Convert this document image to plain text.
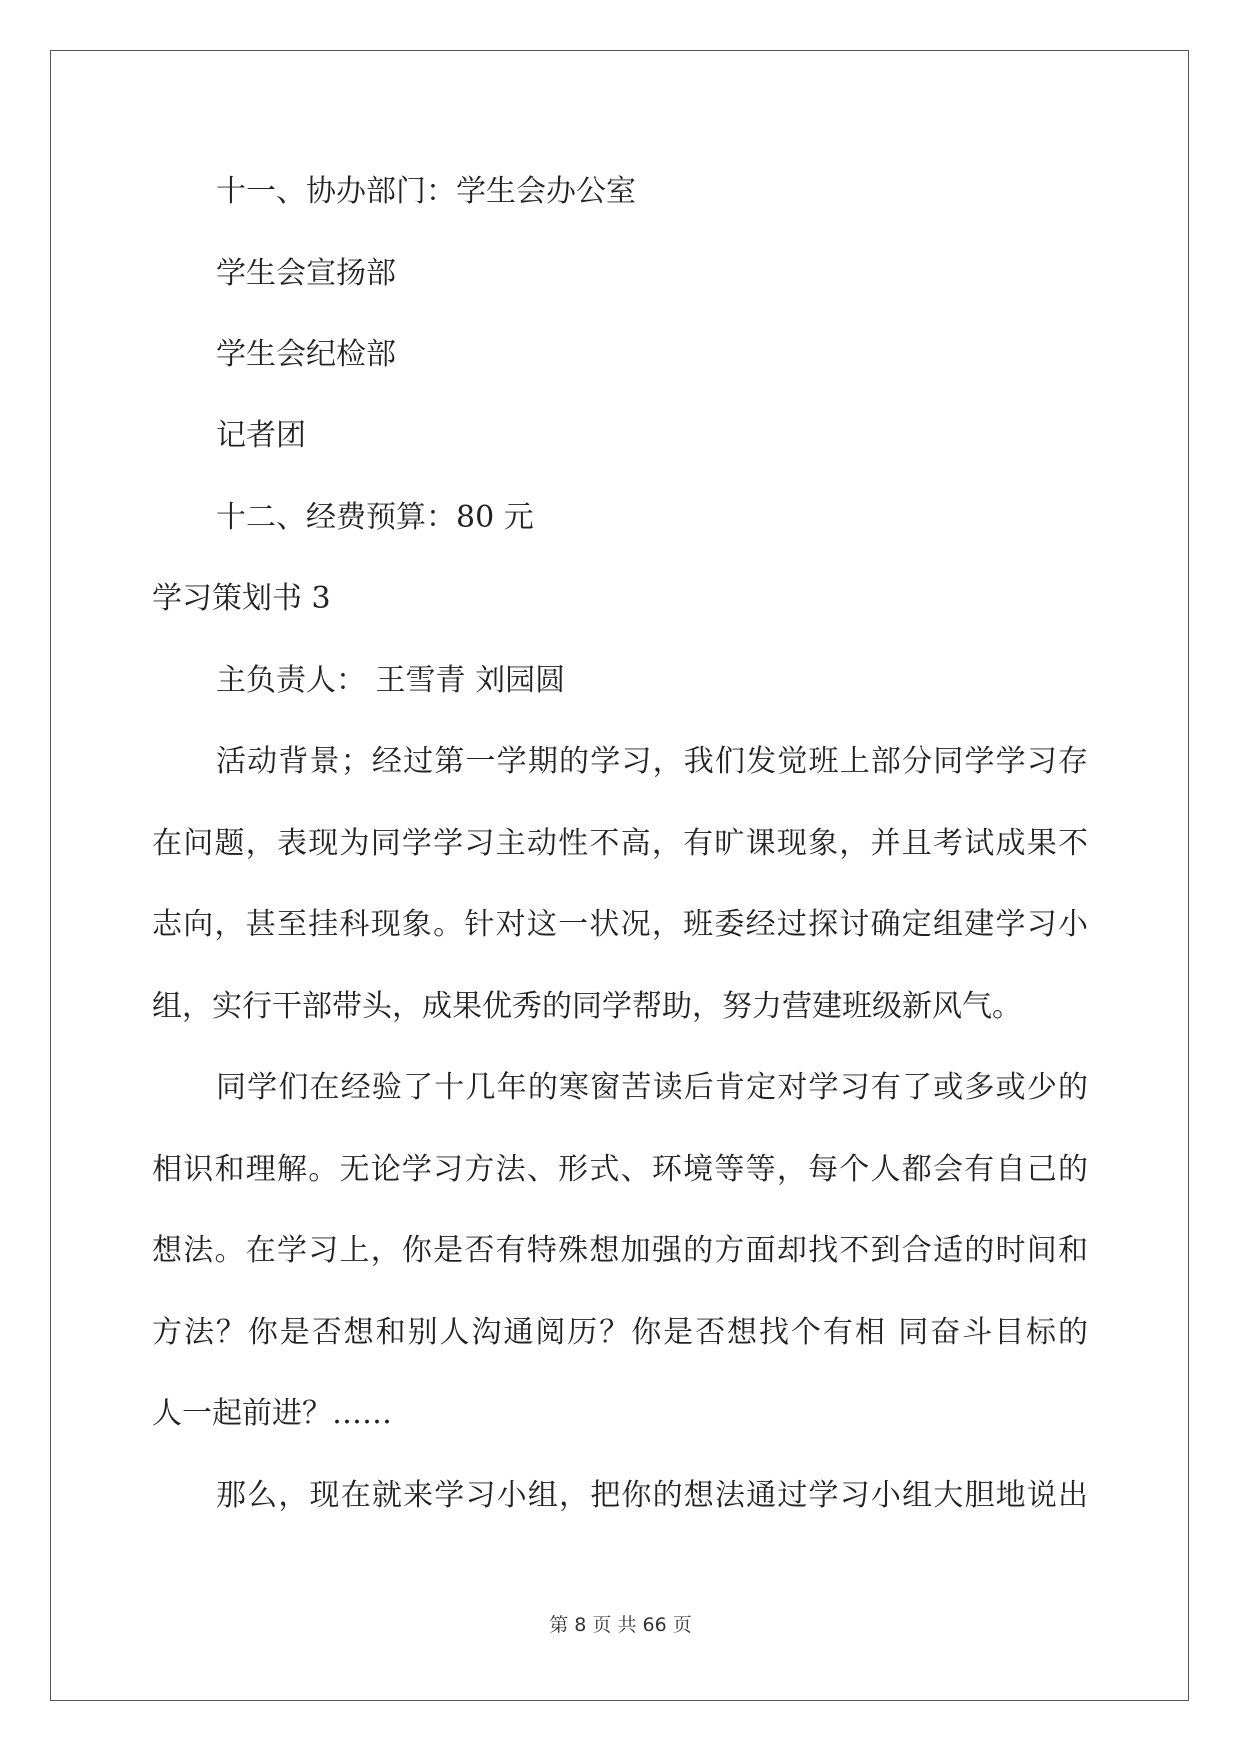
十一、协办部门：学生会办公室
学生会宣扬部
学生会纪检部
记者团
十二、经费预算：80 元
学习策划书 3
主负责人： 王雪青 刘园圆
活动背景；经过第一学期的学习，我们发觉班上部分同学学习存
在问题，表现为同学学习主动性不高，有旷课现象，并且考试成果不
志向，甚至挂科现象。针对这一状况，班委经过探讨确定组建学习小
组，实行干部带头，成果优秀的同学帮助，努力营建班级新风气。
同学们在经验了十几年的寒窗苦读后肯定对学习有了或多或少的
相识和理解。无论学习方法、形式、环境等等，每个人都会有自己的
想法。在学习上，你是否有特殊想加强的方面却找不到合适的时间和
方法？你是否想和别人沟通阅历？你是否想找个有相 同奋斗目标的
人一起前进？……
那么，现在就来学习小组，把你的想法通过学习小组大胆地说出
第 8 页 共 66 页
